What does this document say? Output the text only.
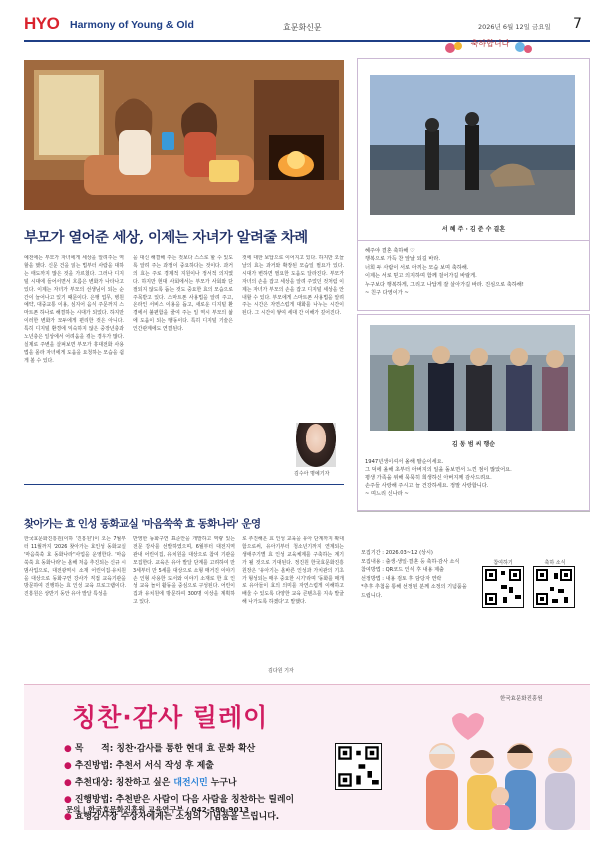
HYO Harmony of Young & Old	효문화신문	2026년 6월 12일 금요일 7
부모가 열어준 세상, 이제는 자녀가 알려줄 차례
예전에는 부모가 자녀에게 세상을 알려주는 역할을 했다. 신문 건을 읽는 법부터 사람을 대하는 태도까지 많은 것을 가르쳤다. 그러나 디지털 시대에 들어서면서 흐름은 변화가 나타나고 있다. 이제는 자녀가 부모의 선생님이 되는 순간이 늘어나고 있기 때문이다. 은행 업무, 병원 예약, 대중교통 이용, 심지어 음식 주문까지 스마트폰 하나로 해결하는 시대가 되었다. 하지만 이러한 변화가 모두에게 편리한 것은 아니다. 특히 디지털 환경에 익숙하지 않은 중장년층과 노년층은 일상에서 어려움을 겪는 경우가 많다. 실제로 주변을 살펴보면 부모가 휴대전화 사용법을 몰라 자녀에게 도움을 요청하는 모습을 쉽게 볼 수 있다.
을 대신 해결해 주는 것보다 스스로 할 수 있도록 알려 주는 과정이 중요하다는 것이다. 과거의 효는 주로 경제적 지원이나 정서적 의지였다. 하지만 현대 사회에서는 부모가 사회와 단절되지 않도록 돕는 것도 중요한 효의 모습으로 주목받고 있다. 스마트폰 사용법을 알려 주고, 온라인 서비스 이용을 돕고, 새로운 디지털 환경에서 불편함을 줄여 주는 일 역시 부모의 삶에 도움이 되는 행동이다. 특히 디지털 기술은 인간관계에도 연결된다.
것에 대한 보답으로 이어지고 있다. 하지만 오늘날의 효는 과거와 확장된 모습일 필요가 있다. 시대가 변하면 필요한 도움도 달라진다. 부모가 자녀의 손을 잡고 세상을 알려 주었던 것처럼 이제는 자녀가 부모의 손을 잡고 디지털 세상을 안내할 수 있다. 부모에게 스마트폰 사용법을 알려 주는 시간은 자연스럽게 대화를 나누는 시간이 된다. 그 시간이 쌓여 세대 간 이해가 깊어진다.
김수아 명예기자
찾아가는 효 인성 동화교실 '마음쑥쑥 효 동화나라' 운영
한국효문화진흥원(이하 '진흥원')이 오는 7월부터 11월까지 '2026 찾아가는 효인성 동화교실 '마음쑥쑥 효 동화나라''사업을 운영한다. '마음쑥쑥 효 동화나라'는 올해 처음 추진되는 신규 시범사업으로, 대전광역시 소재 어린이집·유치원을 대상으로 동화구연 강사가 직접 교육기관을 방문하여 진행하는 효 인성 교육 프로그램이다. 진흥원은 상반기 동안 유아 발달 특성을
반영한 동화구연 표준안을 개발하고 역량 있는 전문 강사를 선발하였으며, 6월부터 대전지역 관내 어린이집, 유치원을 대상으로 참여 기관을 모집한다. 교육은 유아 발달 단계를 고려하여 만 3세부터 만 5세를 대상으로 소형 매거진 이야기 손 인형 사용한 도서와 이야기 소재로 한 효 인성 교육 놀이 활동을 중심으로 구성된다. 어린이집과 유치원에 방문하여 300명 이상을 계획하고 있다.
로 추진해온 효 인성 교육을 유아 단계까지 확대함으로써, 유아기부터 청소년기까지 연계되는 생애주기별 효 인성 교육체계를 구축하는 계기가 될 것으로 기대된다. 정진원 한국효문화진흥원장은 '유아기는 올바른 인성과 가치관의 기초가 형성되는 매우 중요한 시기'라며 '동화를 매개로 유아들이 효의 의미를 자연스럽게 이해하고 배울 수 있도록 다양한 교육 콘텐츠를 지속 발굴해 나가도록 하겠다'고 말했다.
김다원 기자
축하합니다
서 혜 주 · 김 준 수 결혼
혜주야 결혼 축하해 ♡
행복으로 가득 찬 앞날 되길 바라.
너희 두 사람이 서로 아끼는 모습 보며 축하해.
이제는 서로 믿고 의지하며 함께 걸어가길 바랄게.
누구보다 행복하게, 그리고 나답게 잘 살아가길 바라. 진심으로 축하해!
~ 친구 다영이가 ~
김 동 범 씨 행순
1947년생이셔서 올해 팔순이세요.
그 덕에 올해 초부터 아버지의 일을 돌보면서 느낀 점이 많았어요.
평생 가족을 위해 묵묵히 희생하신 아버지께 감사드려요.
손주들 사랑해 주시고 늘 건강하세요. 정말 사랑합니다.
~ 며느리 신나라 ~
모집기간 : 2026.03~12 (상시)
모집내용 : 출생·생일·결혼 등 축하·감사 소식
참여방법 : QR코드 인식 후 내용 제출
선정방법 : 내용 검토 후 담당자 연락
*추후 추첨을 통해 선정된 분께 소정의 기념품을 드립니다.
참여하기	축하 소식
한국효문화진흥원
칭찬·감사 릴레이
● 목　　적: 칭찬·감사를 통한 현대 효 문화 확산
● 추진방법: 추천서 서식 작성 후 제출
● 추천대상: 칭찬하고 싶은 대전시민 누구나
● 진행방법: 추천받은 사람이 다음 사람을 칭찬하는 릴레이
● 효행감사장 수상자에게는 소정의 기념품을 드립니다.
문의 | 한국효문화진흥원 교육연구부 / 042-580-9013
